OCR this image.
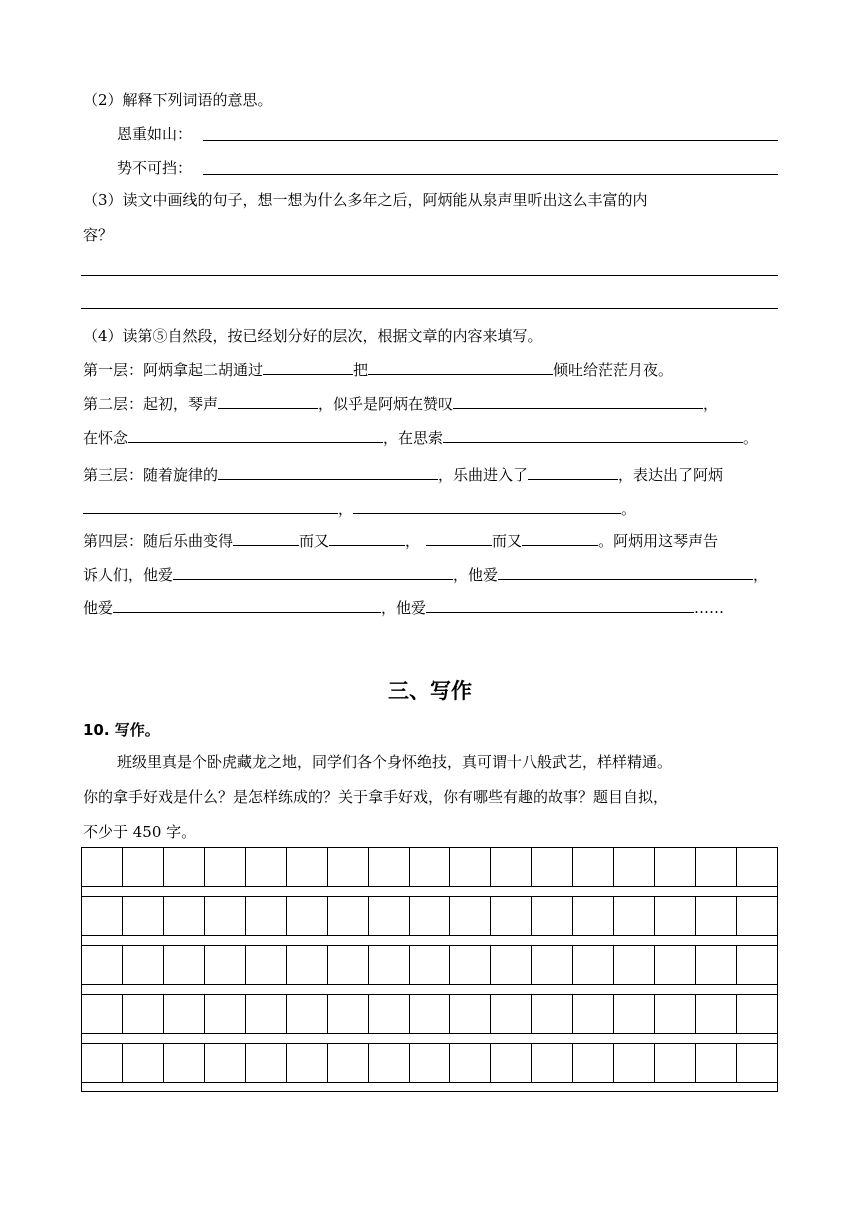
（2）解释下列词语的意思。
恩重如山：
势不可挡：
（3）读文中画线的句子，想一想为什么多年之后，阿炳能从泉声里听出这么丰富的内
容？
（4）读第⑤自然段，按已经划分好的层次，根据文章的内容来填写。
第一层：阿炳拿起二胡通过	把	倾吐给茫茫月夜。
第二层：起初，琴声	，似乎是阿炳在赞叹	，
在怀念	，在思索	。
第三层：随着旋律的	，乐曲进入了	，表达出了阿炳
，	。
第四层：随后乐曲变得	而又	，	而又	。阿炳用这琴声告
诉人们，他爱	，他爱	，
他爱	，他爱	……
三、写作
10. 写作。
班级里真是个卧虎藏龙之地，同学们各个身怀绝技，真可谓十八般武艺，样样精通。
你的拿手好戏是什么？是怎样练成的？关于拿手好戏，你有哪些有趣的故事？题目自拟，
不少于 450 字。
